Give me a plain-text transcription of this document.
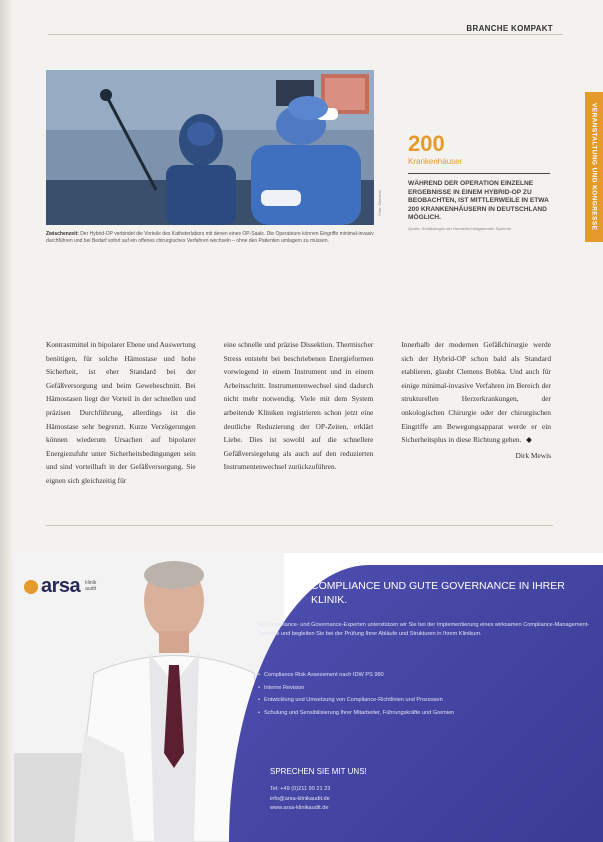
BRANCHE KOMPAKT
VERANSTALTUNG UND KONGRESSE
Foto: Siemens
Zwischenzeit: Der Hybrid-OP verbindet die Vorteile des Katheterlabors mit denen eines OP-Saals. Die Operateure können Eingriffe minimal-invasiv durchführen und bei Bedarf sofort auf ein offenes chirurgisches Verfahren wechseln – ohne den Patienten umlagern zu müssen.
200
Krankenhäuser
WÄHREND DER OPERATION EINZELNE ERGEBNISSE IN EINEM HYBRID-OP ZU BEOBACHTEN, IST MITTLERWEILE IN ETWA 200 KRANKENHÄUSERN IN DEUTSCHLAND MÖGLICH.
Quelle: Schätzungen der Hersteller bildgebender Systeme
Kontrastmittel in bipolarer Ebene und Auswertung benötigen, für solche Hämostase und hohe Sicherheit, ist eher Standard bei der Gefäßversorgung und beim Gewebeschnitt. Bei Hämostasen liegt der Vorteil in der schnellen und präzisen Durchführung, allerdings ist die Hämostase sehr begrenzt. Kurze Verzögerungen können wiederum Ursachen auf bipolarer Energiezufuhr unter Sicherheitsbedingungen sein und sind vorteilhaft in der Gefäßversorgung. Sie eignen sich gleichzeitig für
eine schnelle und präzise Dissektion. Thermischer Stress entsteht bei beschriebenen Energieformen vorwiegend in einem Instrument und in einem Arbeitsschritt. Instrumentenwechsel sind dadurch nicht mehr notwendig. Viele mit dem System arbeitende Kliniken registrieren schon jetzt eine deutliche Reduzierung der OP-Zeiten, erklärt Liebe. Dies ist sowohl auf die schnellere Gefäßversiegelung als auch auf den reduzierten Instrumentenwechsel zurückzuführen.
Innerhalb der modernen Gefäßchirurgie werde sich der Hybrid-OP schon bald als Standard etablieren, glaubt Clemens Bobka. Und auch für einige minimal-invasive Verfahren im Bereich der strukturellen Herzerkrankungen, der onkologischen Chirurgie oder der chirurgischen Eingriffe am Bewegungsapparat werde er ein Sicherheitsplus in diese Richtung gehen.
Dirk Mewis
arsa klinik
audit	COMPLIANCE UND GUTE GOVERNANCE IN IHRER KLINIK.
Als Compliance- und Governance-Experten unterstützen wir Sie bei der Implementierung eines wirksamen Compliance-Management-Systems und begleiten Sie bei der Prüfung Ihrer Abläufe und Strukturen in Ihrem Klinikum.
• Compliance Risk Assessment nach IDW PS 980
• Interne Revision
• Entwicklung und Umsetzung von Compliance-Richtlinien und Prozessen
• Schulung und Sensibilisierung Ihrer Mitarbeiter, Führungskräfte und Gremien
SPRECHEN SIE MIT UNS!
Tel: +49 (0)211 90 21 23
info@arsa-klinikaudit.de
www.arsa-klinikaudit.de
